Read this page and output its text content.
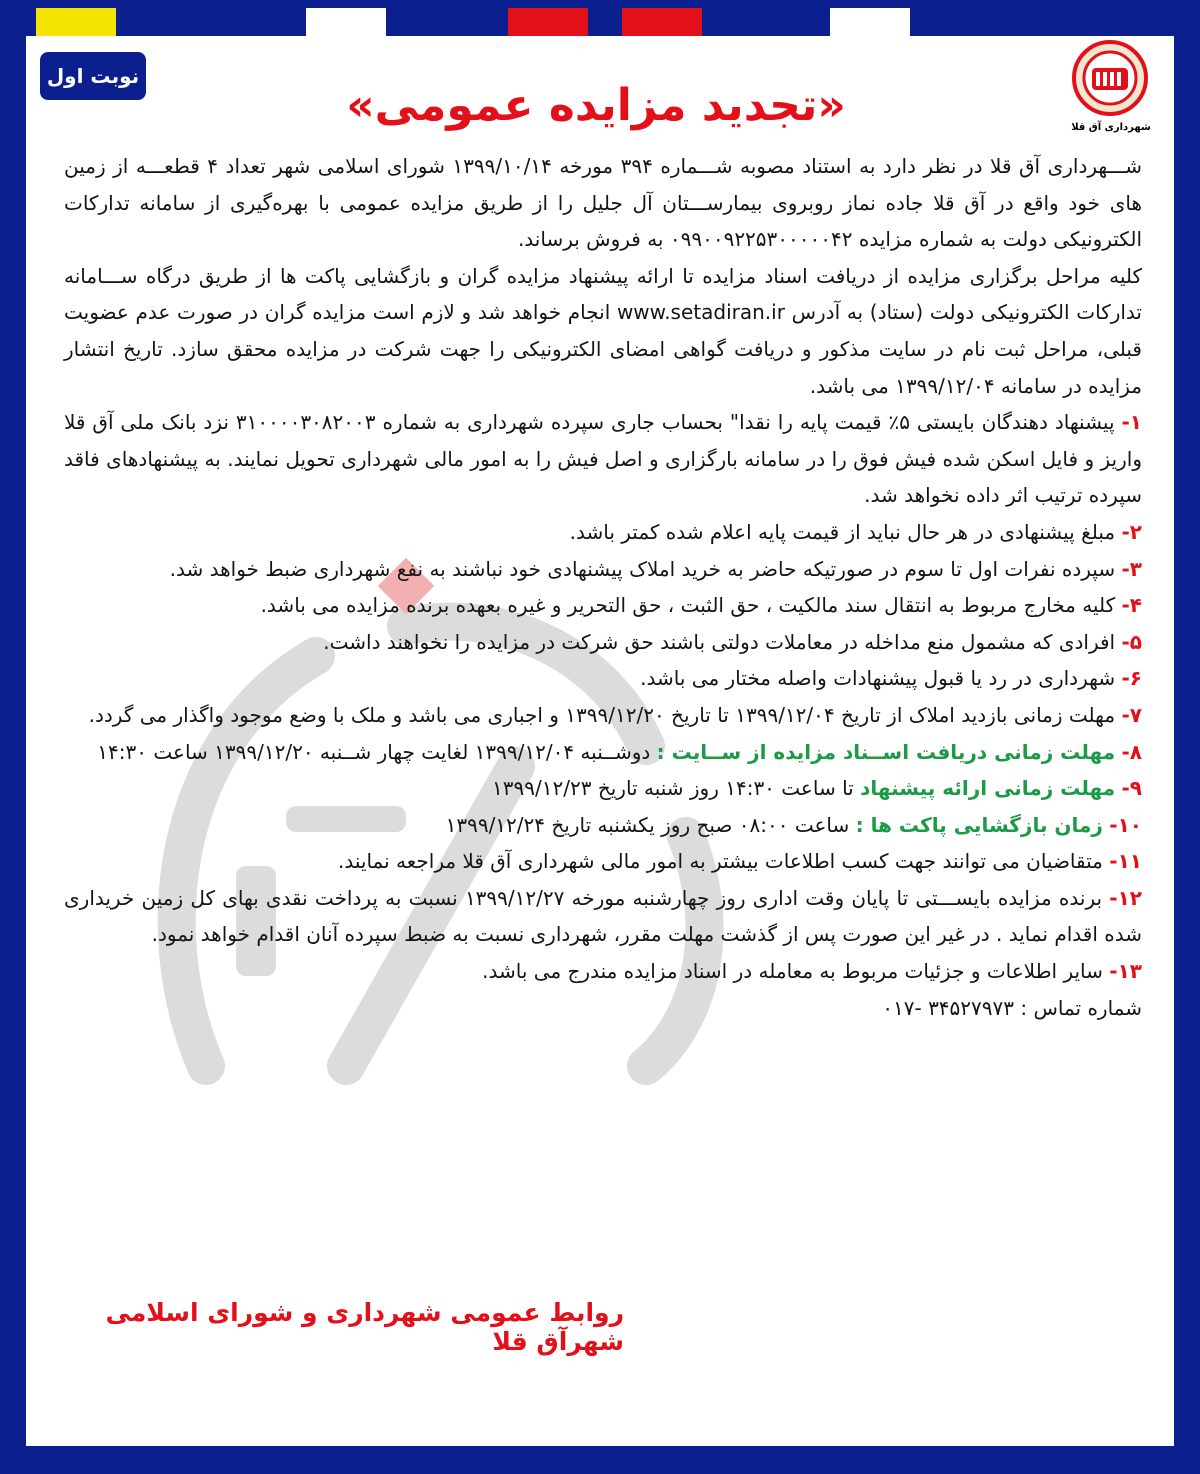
شهرداری آق قلا
نوبت اول
«تجدید مزایده عمومی»

شـــهرداری آق قلا در نظر دارد به استناد مصوبه شـــماره ۳۹۴ مورخه ۱۳۹۹/۱۰/۱۴ شورای اسلامی شهر تعداد ۴ قطعـــه از زمین های خود واقع در آق قلا جاده نماز روبروی بیمارســـتان آل جلیل را از طریق مزایده عمومی با بهره‌گیری از سامانه تدارکات الکترونیکی دولت به شماره مزایده ۰۹۹۰۰۹۲۲۵۳۰۰۰۰۰۴۲ به فروش برساند.

کلیه مراحل برگزاری مزایده از دریافت اسناد مزایده تا ارائه پیشنهاد مزایده گران و بازگشایی پاکت ها از طریق درگاه ســـامانه تدارکات الکترونیکی دولت (ستاد) به آدرس www.setadiran.ir انجام خواهد شد و لازم است مزایده گران در صورت عدم عضویت قبلی، مراحل ثبت نام در سایت مذکور و دریافت گواهی امضای الکترونیکی را جهت شرکت در مزایده محقق سازد. تاریخ انتشار مزایده در سامانه ۱۳۹۹/۱۲/۰۴ می باشد.

۱- پیشنهاد دهندگان بایستی ۵٪ قیمت پایه را نقدا" بحساب جاری سپرده شهرداری به شماره ۳۱۰۰۰۰۳۰۸۲۰۰۳ نزد بانک ملی آق قلا واریز و فایل اسکن شده فیش فوق را در سامانه بارگزاری و اصل فیش را به امور مالی شهرداری تحویل نمایند. به پیشنهادهای فاقد سپرده ترتیب اثر داده نخواهد شد.

۲- مبلغ پیشنهادی در هر حال نباید از قیمت پایه اعلام شده کمتر باشد.

۳- سپرده نفرات اول تا سوم در صورتیکه حاضر به خرید املاک پیشنهادی خود نباشند به نفع شهرداری ضبط خواهد شد.

۴- کلیه مخارج مربوط به انتقال سند مالکیت ، حق الثبت ، حق التحریر و غیره بعهده برنده مزایده می باشد.

۵- افرادی که مشمول منع مداخله در معاملات دولتی باشند حق شرکت در مزایده را نخواهند داشت.

۶- شهرداری در رد یا قبول پیشنهادات واصله مختار می باشد.

۷- مهلت زمانی بازدید املاک از تاریخ ۱۳۹۹/۱۲/۰۴ تا تاریخ ۱۳۹۹/۱۲/۲۰ و اجباری می باشد و ملک با وضع موجود واگذار می گردد.

۸- مهلت زمانی دریافت اســناد مزایده از ســایت : دوشــنبه ۱۳۹۹/۱۲/۰۴ لغایت چهار شــنبه ۱۳۹۹/۱۲/۲۰ ساعت ۱۴:۳۰

۹- مهلت زمانی ارائه پیشنهاد تا ساعت ۱۴:۳۰ روز شنبه تاریخ ۱۳۹۹/۱۲/۲۳

۱۰- زمان بازگشایی پاکت ها : ساعت ۰۸:۰۰ صبح روز یکشنبه تاریخ ۱۳۹۹/۱۲/۲۴

۱۱- متقاضیان می توانند جهت کسب اطلاعات بیشتر به امور مالی شهرداری آق قلا مراجعه نمایند.

۱۲- برنده مزایده بایســـتی تا پایان وقت اداری روز چهارشنبه مورخه ۱۳۹۹/۱۲/۲۷ نسبت به پرداخت نقدی بهای کل زمین خریداری شده اقدام نماید . در غیر این صورت پس از گذشت مهلت مقرر، شهرداری نسبت به ضبط سپرده آنان اقدام خواهد نمود.

۱۳- سایر اطلاعات و جزئیات مربوط به معامله در اسناد مزایده مندرج می باشد.

شماره تماس : ۳۴۵۲۷۹۷۳ -۰۱۷

روابط عمومی شهرداری و شورای اسلامی شهرآق قلا
